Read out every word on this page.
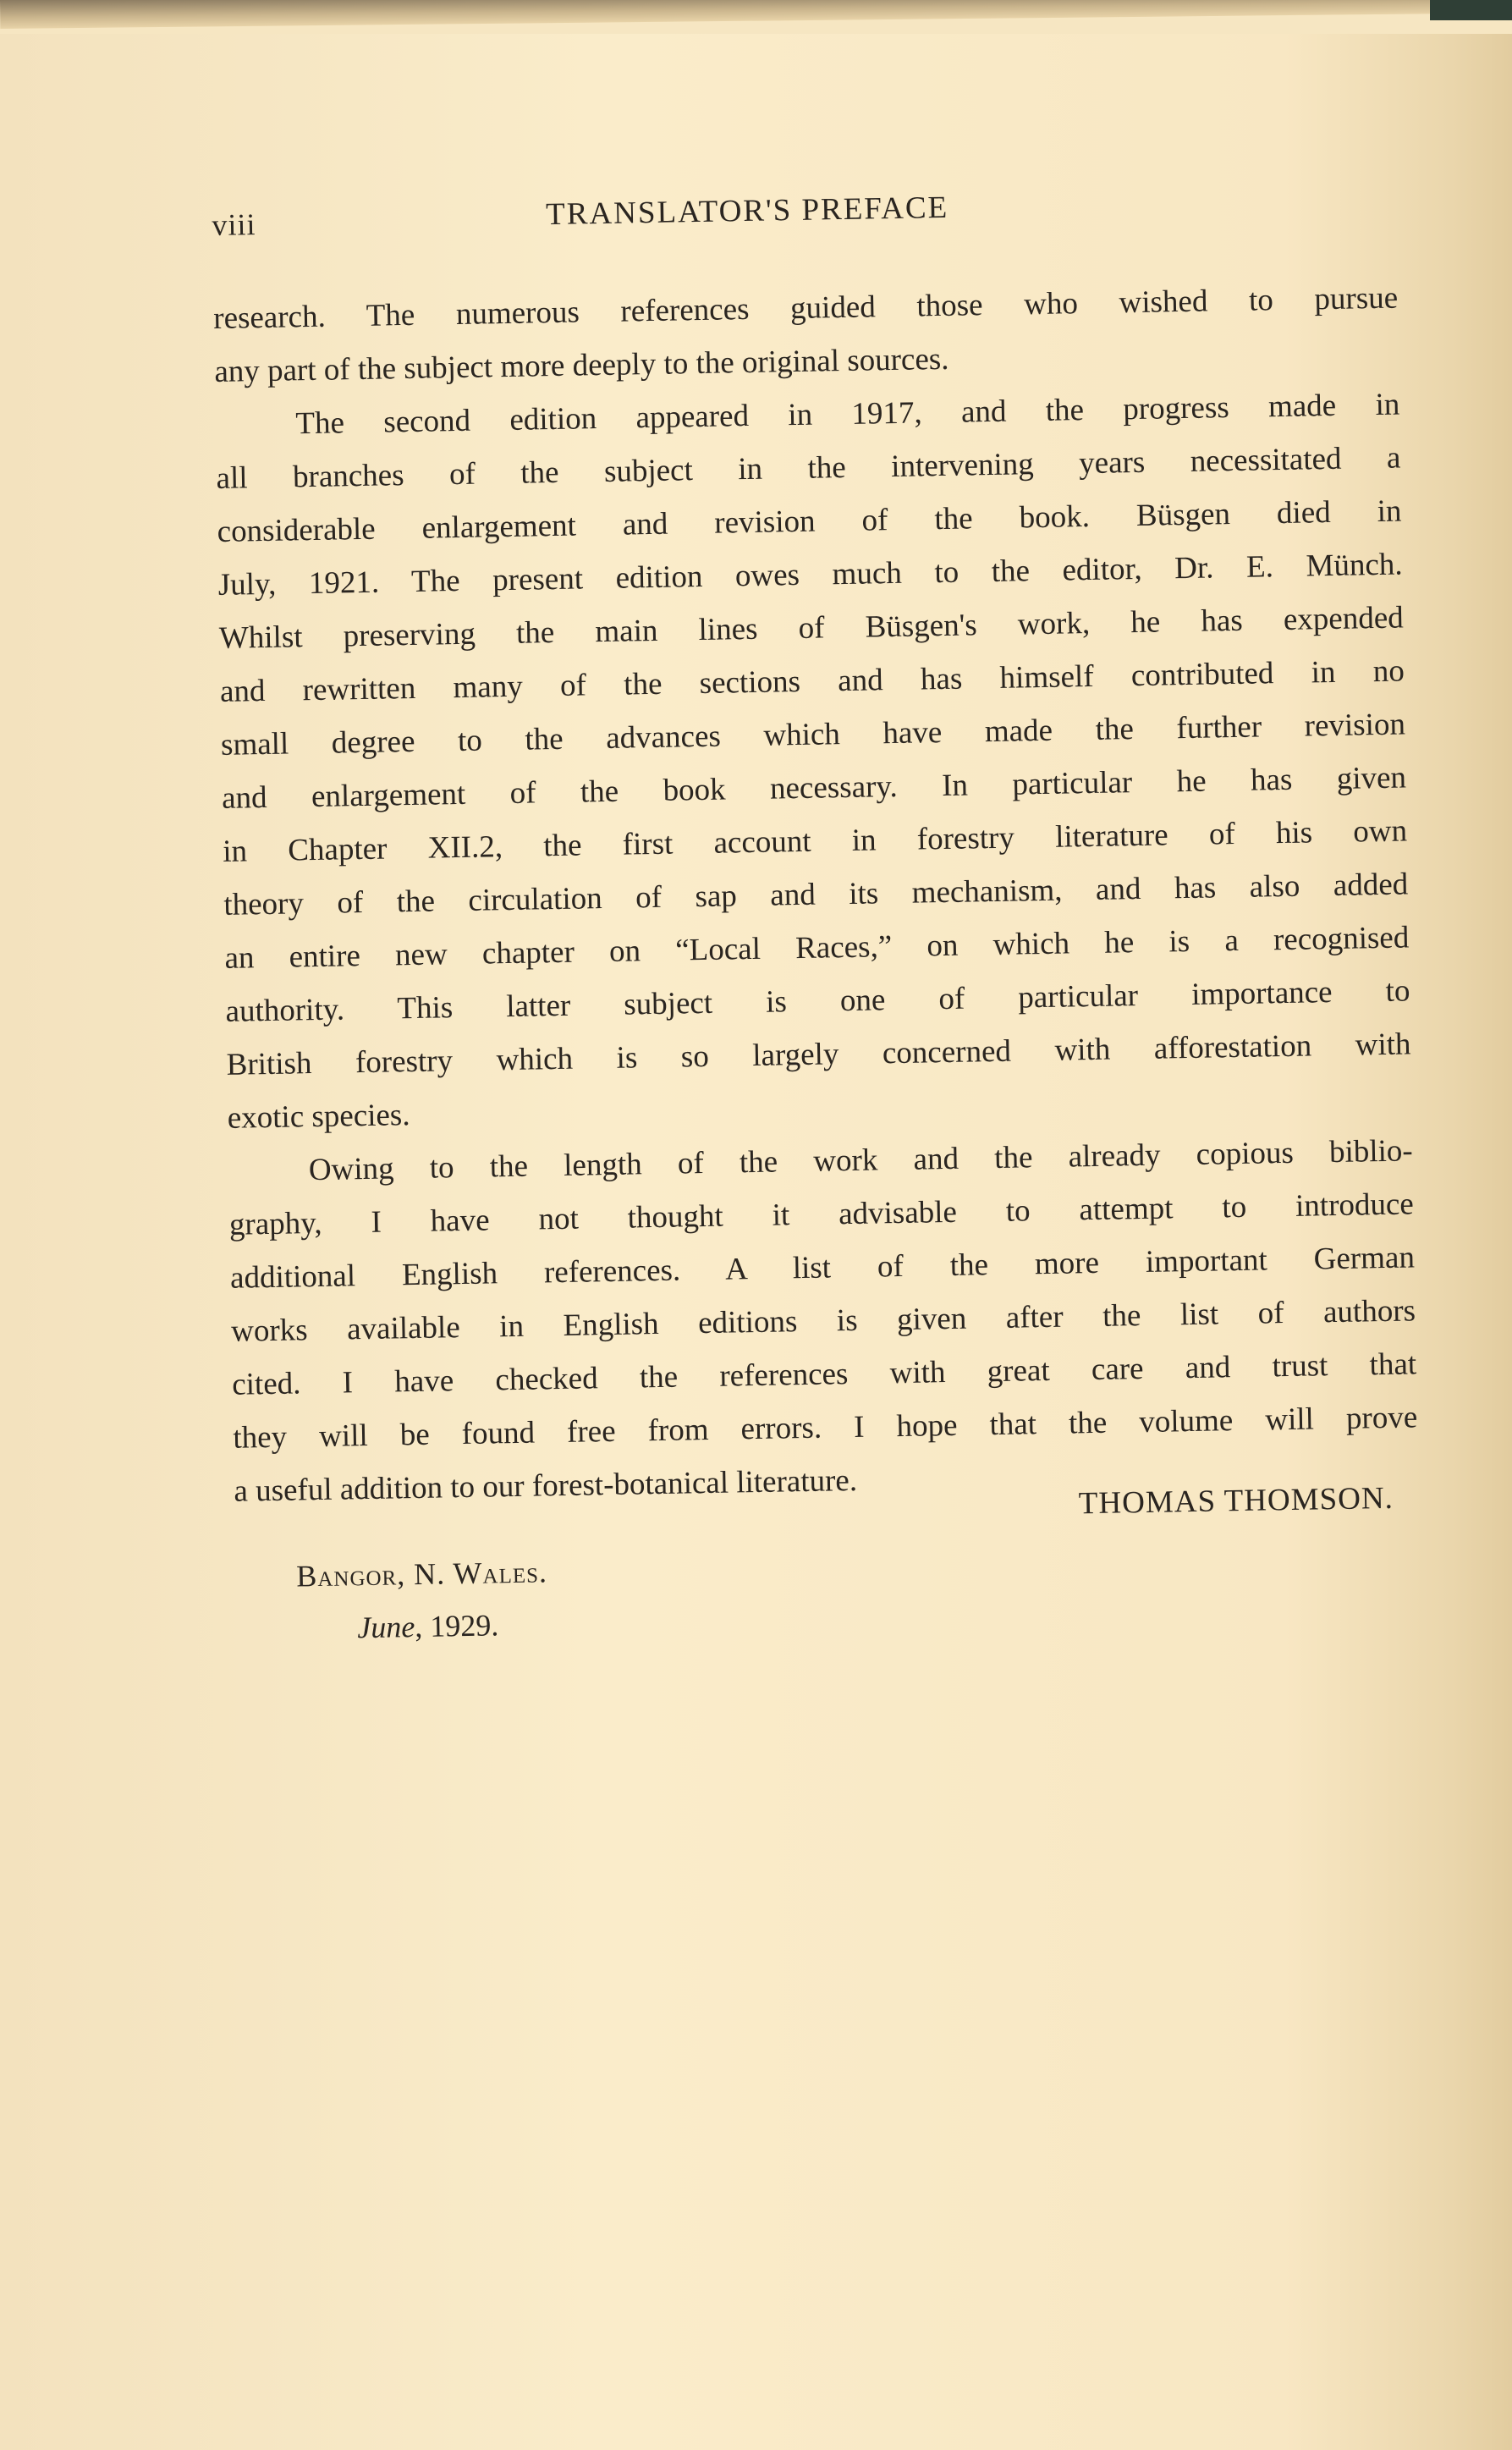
viii	TRANSLATOR'S PREFACE
research. The numerous references guided those who wished to pursue
any part of the subject more deeply to the original sources.
The second edition appeared in 1917, and the progress made in
all branches of the subject in the intervening years necessitated a
considerable enlargement and revision of the book. Büsgen died in
July, 1921. The present edition owes much to the editor, Dr. E. Münch.
Whilst preserving the main lines of Büsgen's work, he has expended
and rewritten many of the sections and has himself contributed in no
small degree to the advances which have made the further revision
and enlargement of the book necessary. In particular he has given
in Chapter XII.2, the first account in forestry literature of his own
theory of the circulation of sap and its mechanism, and has also added
an entire new chapter on “Local Races,” on which he is a recognised
authority. This latter subject is one of particular importance to
British forestry which is so largely concerned with afforestation with
exotic species.
Owing to the length of the work and the already copious biblio-
graphy, I have not thought it advisable to attempt to introduce
additional English references. A list of the more important German
works available in English editions is given after the list of authors
cited. I have checked the references with great care and trust that
they will be found free from errors. I hope that the volume will prove
a useful addition to our forest-botanical literature.	THOMAS THOMSON.
Bangor, N. Wales.
June, 1929.
